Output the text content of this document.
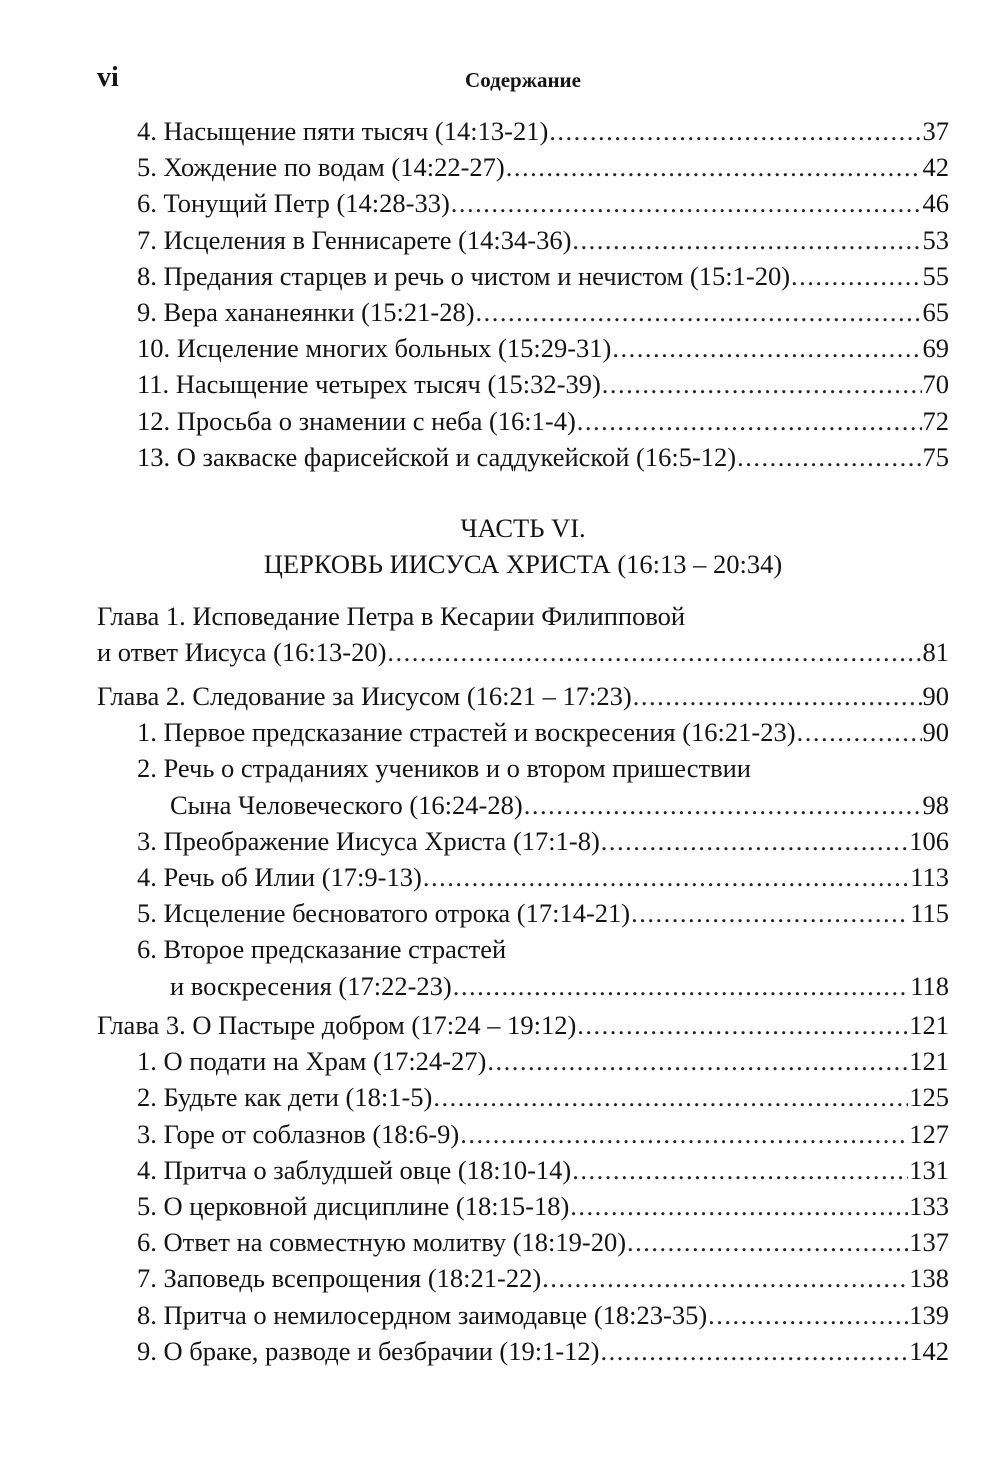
vi	Содержание
4. Насыщение пяти тысяч (14:13-21) .....	37
5. Хождение по водам (14:22-27) .....	42
6. Тонущий Петр (14:28-33) .....	46
7. Исцеления в Геннисарете (14:34-36) .....	53
8. Предания старцев и речь о чистом и нечистом (15:1-20) .....	55
9. Вера хананеянки (15:21-28) .....	65
10. Исцеление многих больных (15:29-31) .....	69
11. Насыщение четырех тысяч (15:32-39) .....	70
12. Просьба о знамении с неба (16:1-4) .....	72
13. О закваске фарисейской и саддукейской (16:5-12) .....	75
ЧАСТЬ VI.
ЦЕРКОВЬ ИИСУСА ХРИСТА (16:13 – 20:34)
Глава 1. Исповедание Петра в Кесарии Филипповой
и ответ Иисуса (16:13-20) .....	81
Глава 2. Следование за Иисусом (16:21 – 17:23) .....	90
1. Первое предсказание страстей и воскресения (16:21-23) .....	90
2. Речь о страданиях учеников и о втором пришествии
Сына Человеческого (16:24-28) .....	98
3. Преображение Иисуса Христа (17:1-8) .....	106
4. Речь об Илии (17:9-13) .....	113
5. Исцеление бесноватого отрока (17:14-21) .....	115
6. Второе предсказание страстей
и воскресения (17:22-23) .....	118
Глава 3. О Пастыре добром (17:24 – 19:12) .....	121
1. О подати на Храм (17:24-27) .....	121
2. Будьте как дети (18:1-5) .....	125
3. Горе от соблазнов (18:6-9) .....	127
4. Притча о заблудшей овце (18:10-14) .....	131
5. О церковной дисциплине (18:15-18) .....	133
6. Ответ на совместную молитву (18:19-20) .....	137
7. Заповедь всепрощения (18:21-22) .....	138
8. Притча о немилосердном заимодавце (18:23-35) .....	139
9. О браке, разводе и безбрачии (19:1-12) .....	142
